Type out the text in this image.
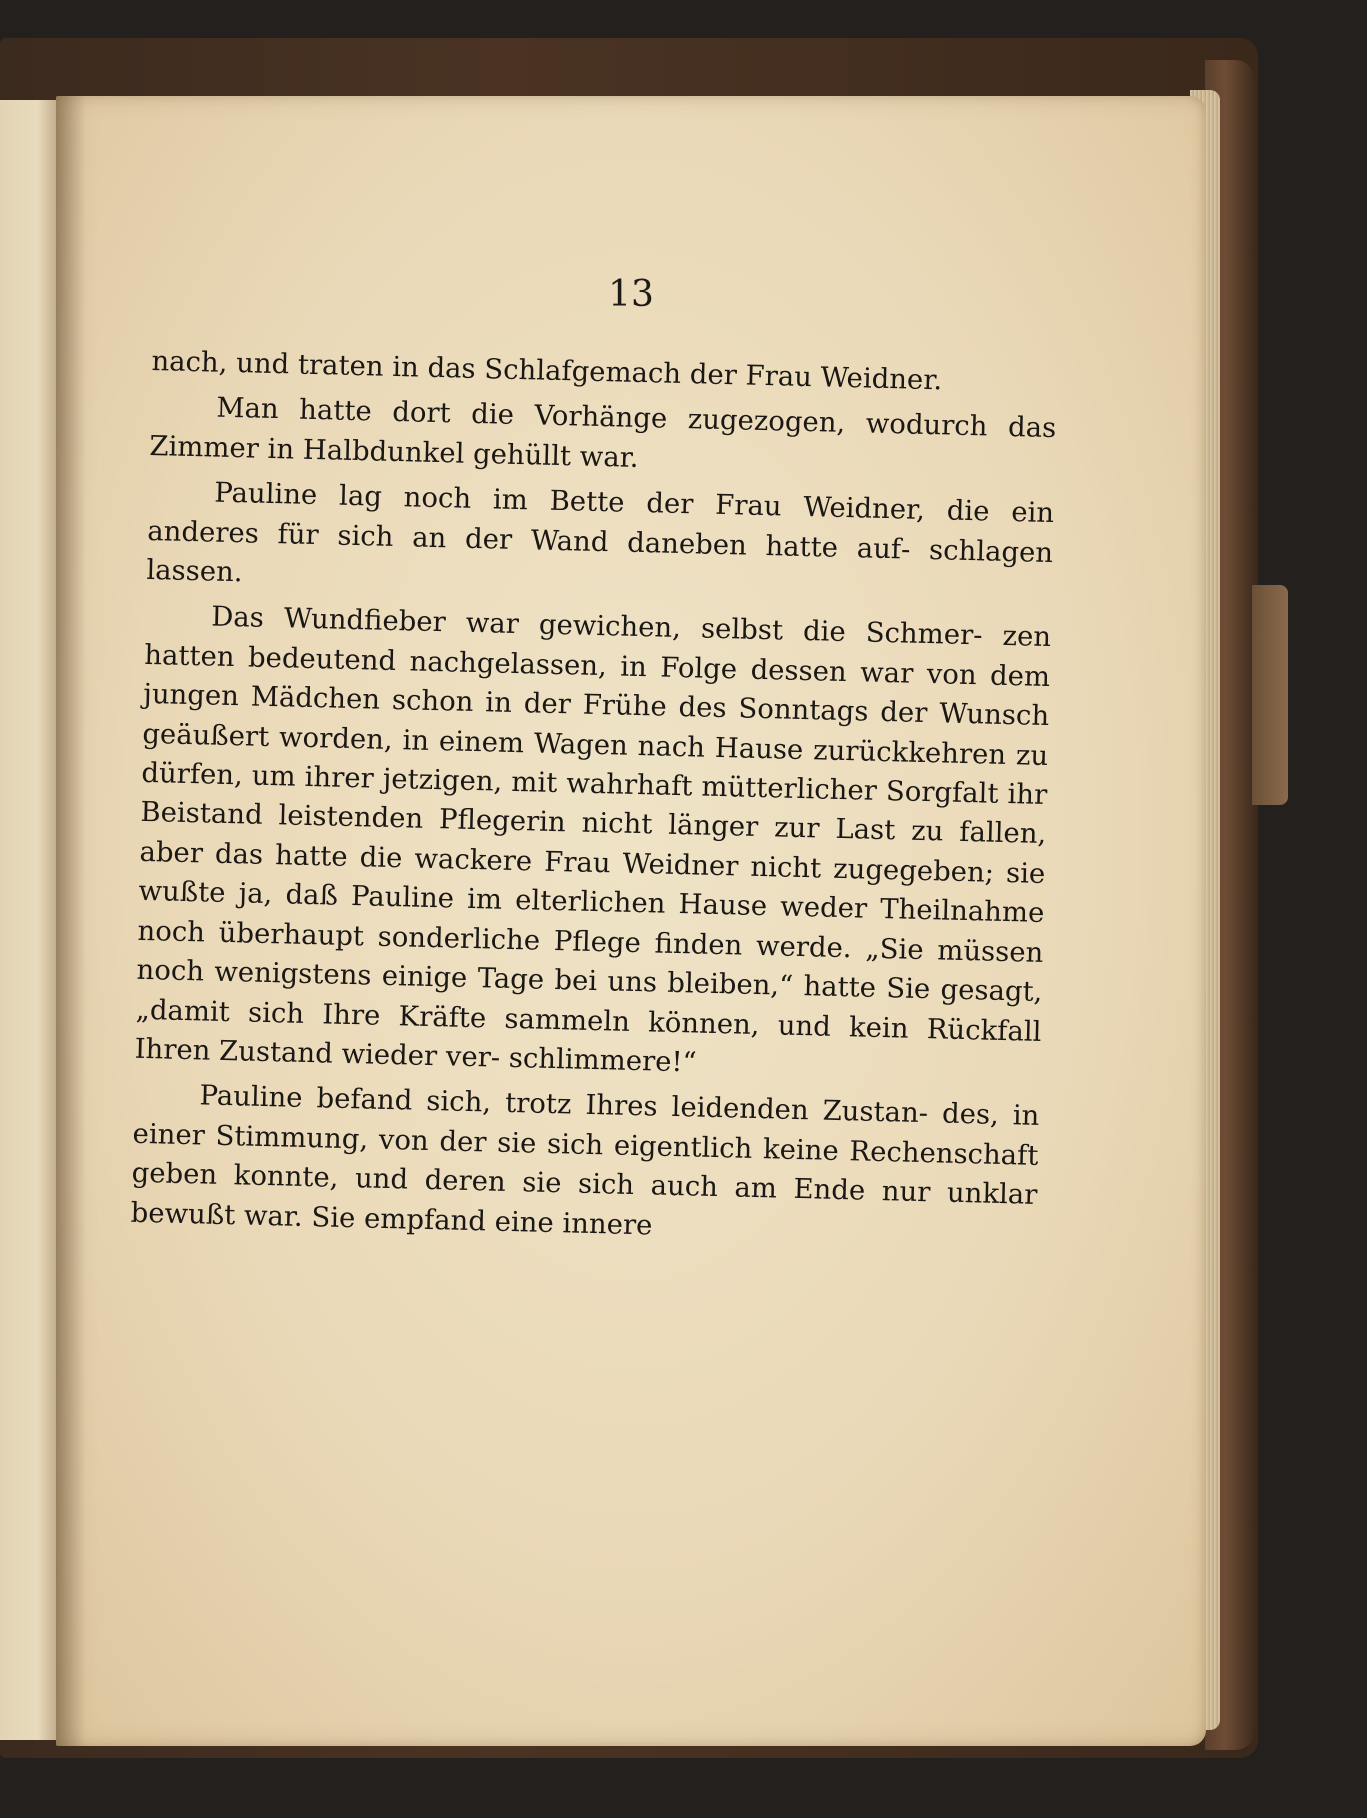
13

nach, und traten in das Schlafgemach der Frau Weidner.

Man hatte dort die Vorhänge zugezogen, wodurch das Zimmer in Halbdunkel gehüllt war.

Pauline lag noch im Bette der Frau Weidner, die ein anderes für sich an der Wand daneben hatte auf‑ schlagen lassen.

Das Wundfieber war gewichen, selbst die Schmer‑ zen hatten bedeutend nachgelassen, in Folge dessen war von dem jungen Mädchen schon in der Frühe des Sonntags der Wunsch geäußert worden, in einem Wagen nach Hause zurückkehren zu dürfen, um ihrer jetzigen, mit wahrhaft mütterlicher Sorgfalt ihr Beistand leistenden Pflegerin nicht länger zur Last zu fallen, aber das hatte die wackere Frau Weidner nicht zugegeben; sie wußte ja, daß Pauline im elterlichen Hause weder Theilnahme noch überhaupt sonderliche Pflege finden werde. „Sie müssen noch wenigstens einige Tage bei uns bleiben,“ hatte Sie gesagt, „damit sich Ihre Kräfte sammeln können, und kein Rückfall Ihren Zustand wieder ver‑ schlimmere!“

Pauline befand sich, trotz Ihres leidenden Zustan‑ des, in einer Stimmung, von der sie sich eigentlich keine Rechenschaft geben konnte, und deren sie sich auch am Ende nur unklar bewußt war. Sie empfand eine innere
